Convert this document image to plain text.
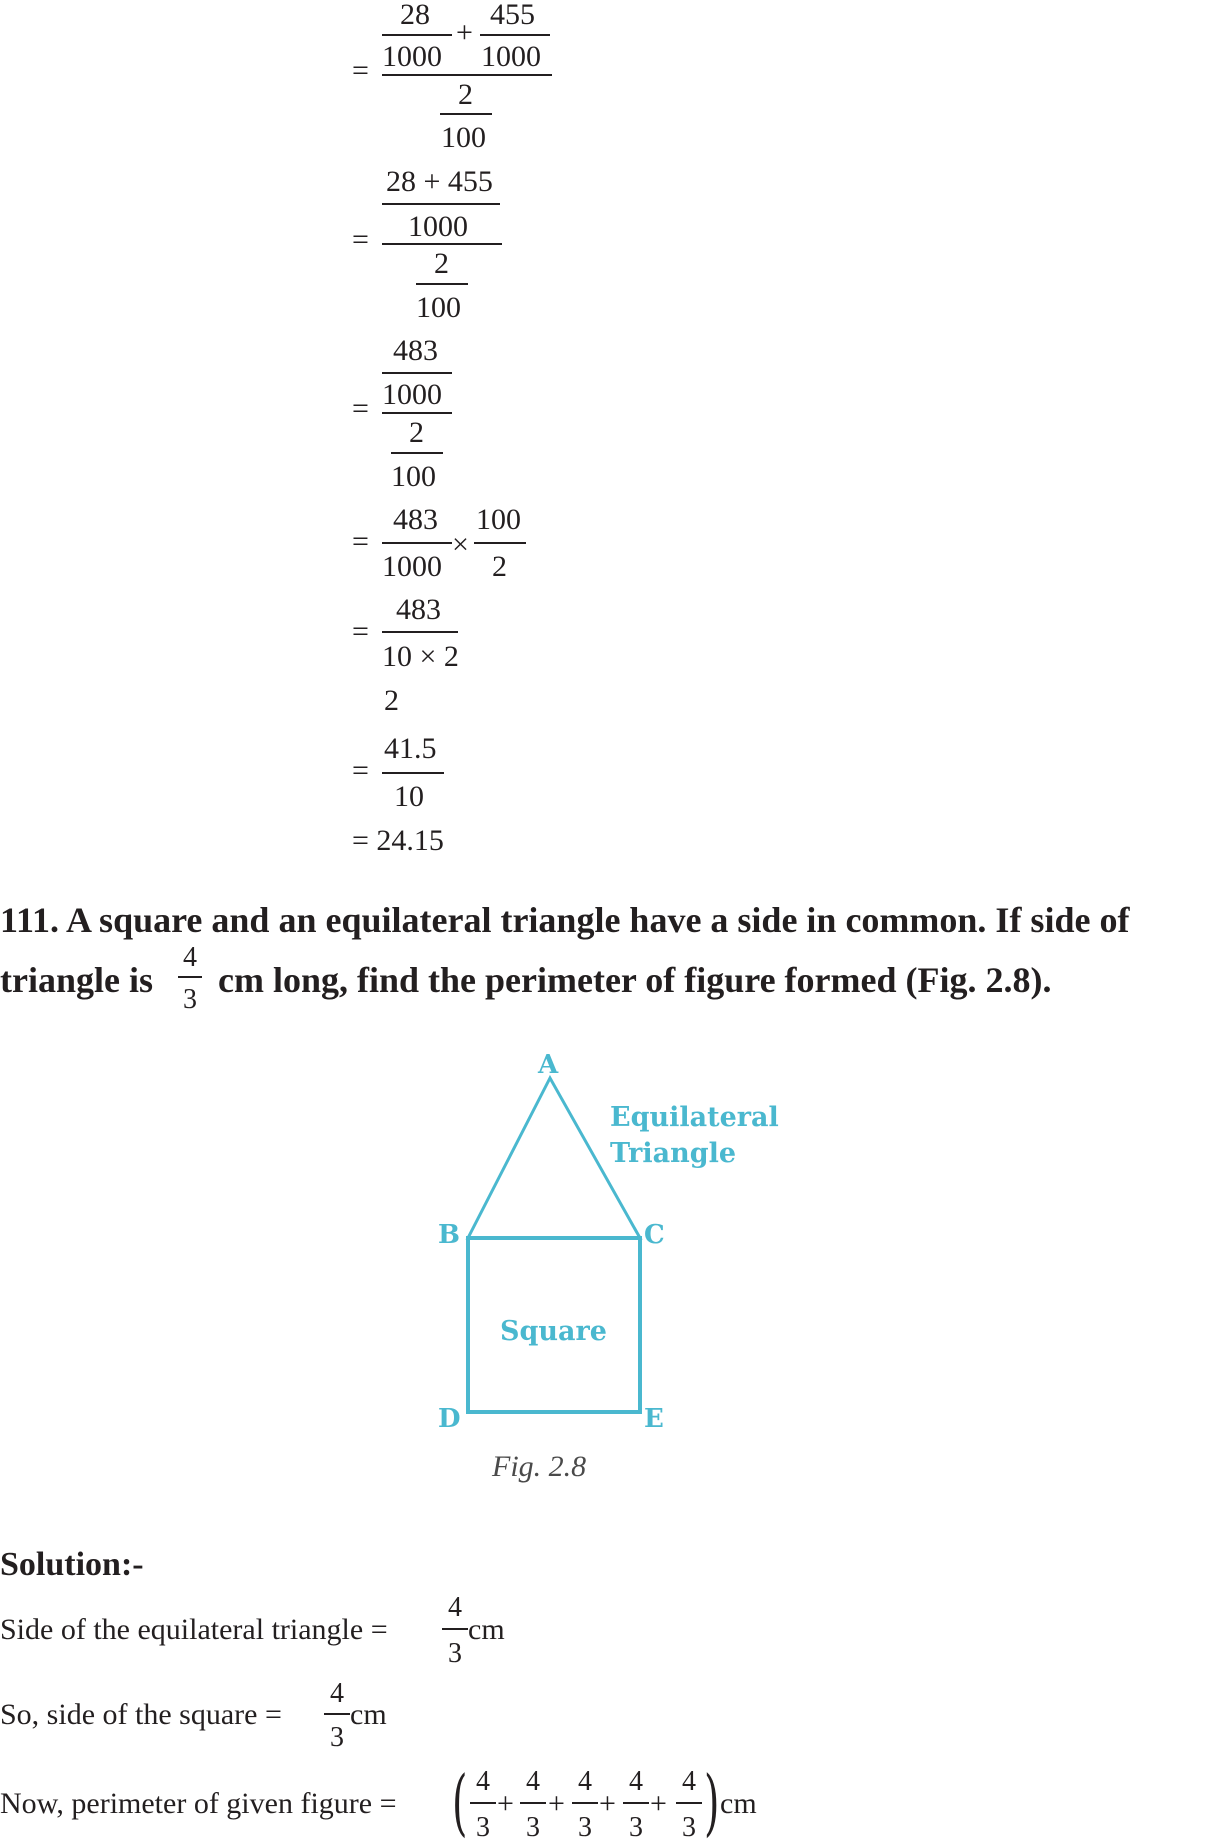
=
28
1000
+
455
1000
2
100
=
28 + 455
1000
2
100
=
483
1000
2
100
=
483
1000
×
100
2
=
483
10 × 2
2
=
41.5
10
= 24.15
111. A square and an equilateral triangle have a side in common. If side of
triangle is
4
3 cm long, find the perimeter of figure formed (Fig. 2.8).
A
B	C
D	E
Equilateral
Triangle
Square
Fig. 2.8
Solution:-
Side of the equilateral triangle =
4
3
cm
So, side of the square =
4
3
cm
Now, perimeter of given figure = ( 4
3
+
4
3
+
4
3
+
4
3
+
4
3 ) cm
